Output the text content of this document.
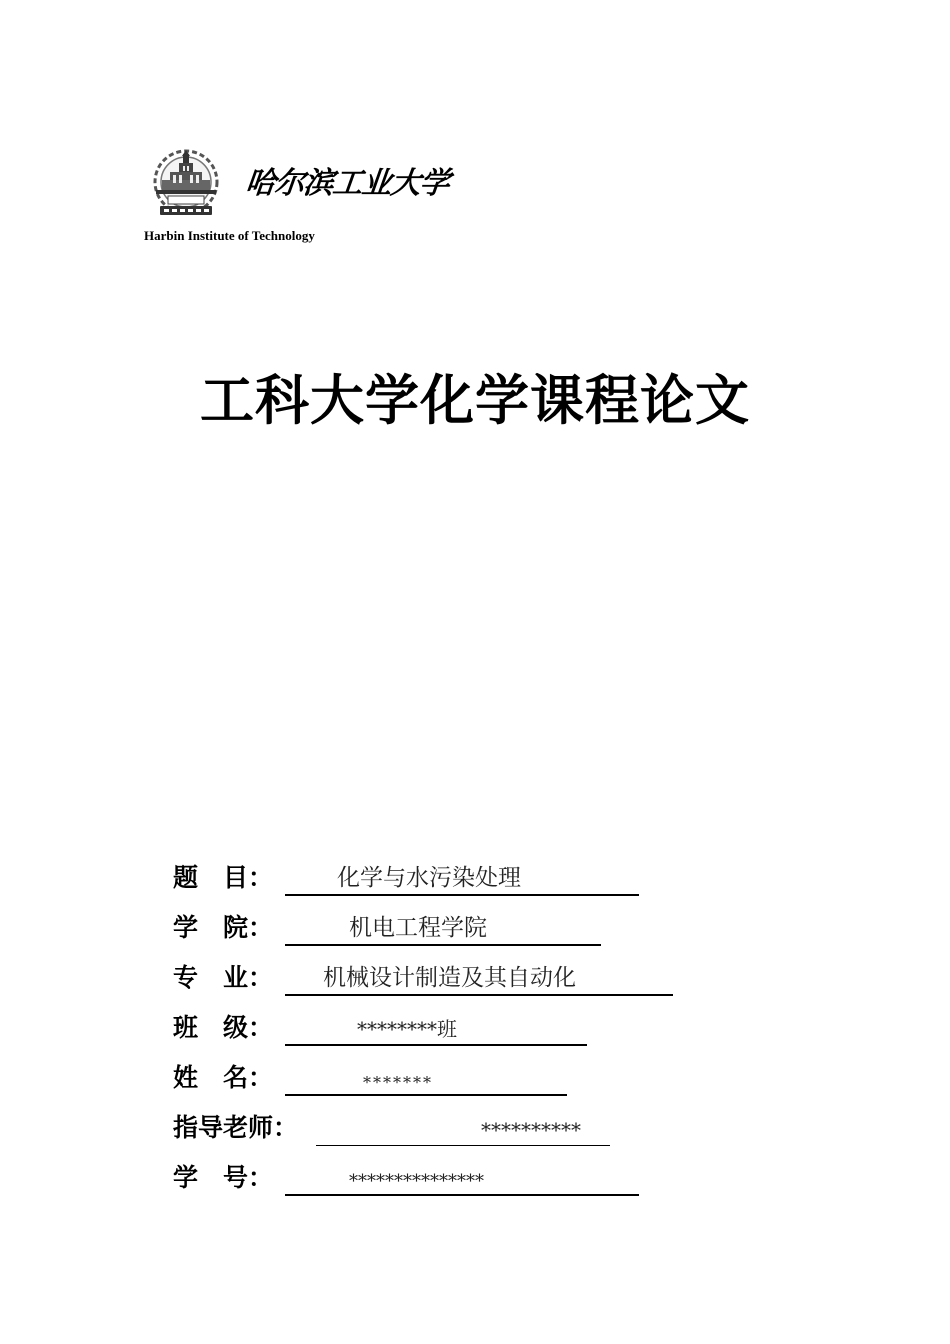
哈尔滨工业大学
Harbin Institute of Technology
工科大学化学课程论文
题　目：	化学与水污染处理
学　院：	机电工程学院
专　业： 机械设计制造及其自动化
班　级：	********班
姓　名：	*******
指导老师：	**********
学　号：	***************
